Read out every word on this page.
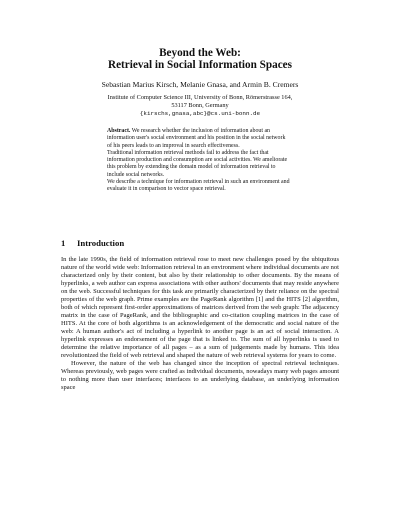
Beyond the Web:
Retrieval in Social Information Spaces

Sebastian Marius Kirsch, Melanie Gnasa, and Armin B. Cremers

Institute of Computer Science III, University of Bonn, Römerstrasse 164,

53117 Bonn, Germany

{kirschs,gnasa,abc}@cs.uni-bonn.de

Abstract. We research whether the inclusion of information about an information user's social environment and his position in the social network of his peers leads to an improval in search effectiveness.

Traditional information retrieval methods fail to address the fact that information production and consumption are social activities. We ameliorate this problem by extending the domain model of information retrieval to include social networks.

We describe a technique for information retrieval in such an environment and evaluate it in comparison to vector space retrieval.

1 Introduction

In the late 1990s, the field of information retrieval rose to meet new challenges posed by the ubiquitous nature of the world wide web: Information retrieval in an environment where individual documents are not characterized only by their content, but also by their relationship to other documents. By the means of hyperlinks, a web author can express associations with other authors' documents that may reside anywhere on the web. Successful techniques for this task are primarily characterized by their reliance on the spectral properties of the web graph. Prime examples are the PageRank algorithm [1] and the HITS [2] algorithm, both of which represent first-order approximations of matrices derived from the web graph: The adjacency matrix in the case of PageRank, and the bibliographic and co-citation coupling matrices in the case of HITS. At the core of both algorithms is an acknowledgement of the democratic and social nature of the web: A human author's act of including a hyperlink to another page is an act of social interaction. A hyperlink expresses an endorsement of the page that is linked to. The sum of all hyperlinks is used to determine the relative importance of all pages – as a sum of judgements made by humans. This idea revolutionized the field of web retrieval and shaped the nature of web retrieval systems for years to come.

However, the nature of the web has changed since the inception of spectral retrieval techniques. Whereas previously, web pages were crafted as individual documents, nowadays many web pages amount to nothing more than user interfaces; interfaces to an underlying database, an underlying information space
